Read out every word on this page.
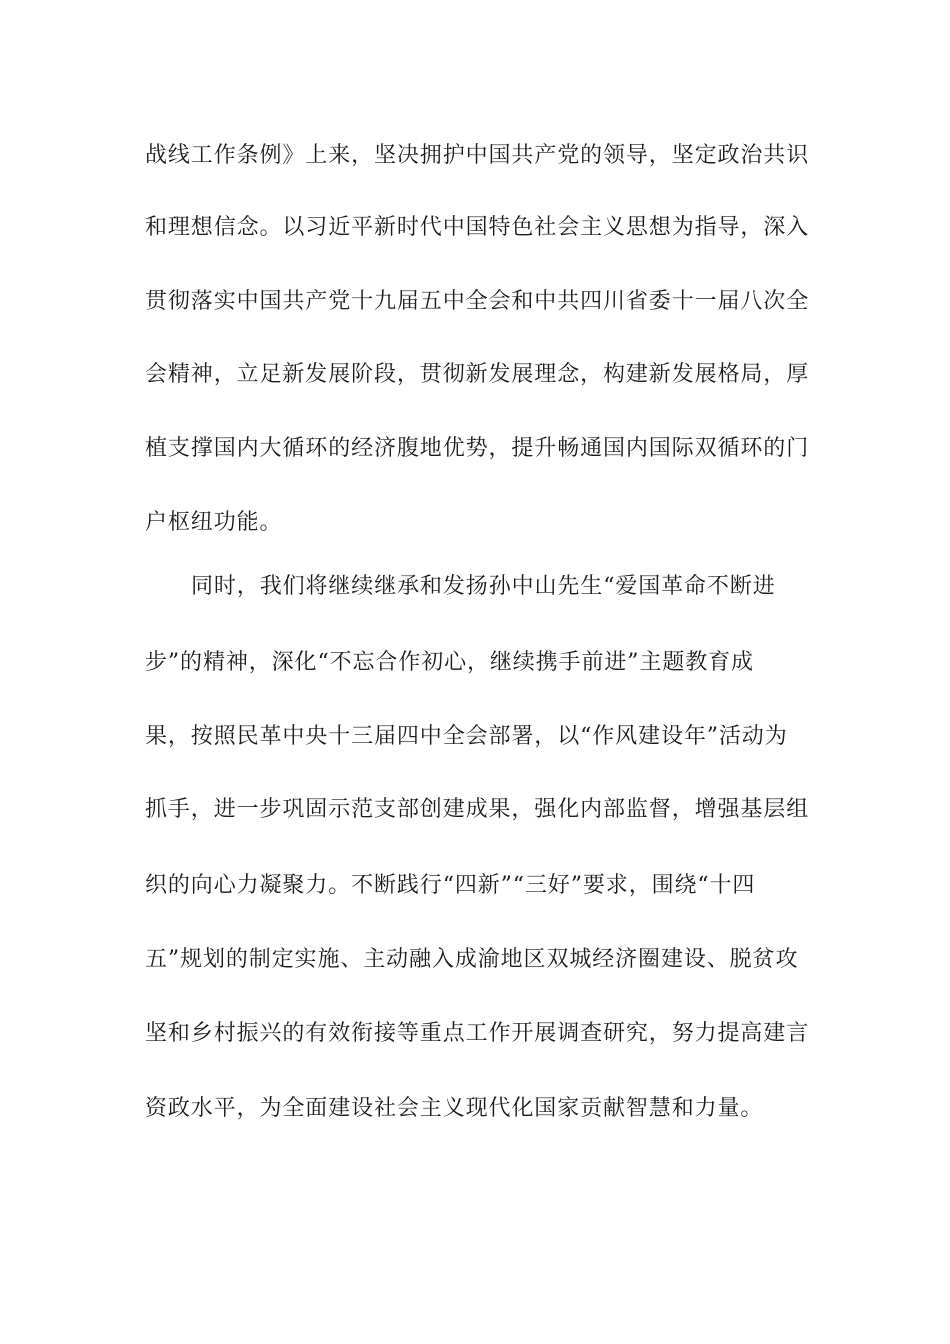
战线工作条例》上来，坚决拥护中国共产党的领导，坚定政治共识
和理想信念。以习近平新时代中国特色社会主义思想为指导，深入
贯彻落实中国共产党十九届五中全会和中共四川省委十一届八次全
会精神，立足新发展阶段，贯彻新发展理念，构建新发展格局，厚
植支撑国内大循环的经济腹地优势，提升畅通国内国际双循环的门
户枢纽功能。
同时，我们将继续继承和发扬孙中山先生“爱国革命不断进
步”的精神，深化“不忘合作初心，继续携手前进”主题教育成
果，按照民革中央十三届四中全会部署，以“作风建设年”活动为
抓手，进一步巩固示范支部创建成果，强化内部监督，增强基层组
织的向心力凝聚力。不断践行“四新”“三好”要求，围绕“十四
五”规划的制定实施、主动融入成渝地区双城经济圈建设、脱贫攻
坚和乡村振兴的有效衔接等重点工作开展调查研究，努力提高建言
资政水平，为全面建设社会主义现代化国家贡献智慧和力量。
